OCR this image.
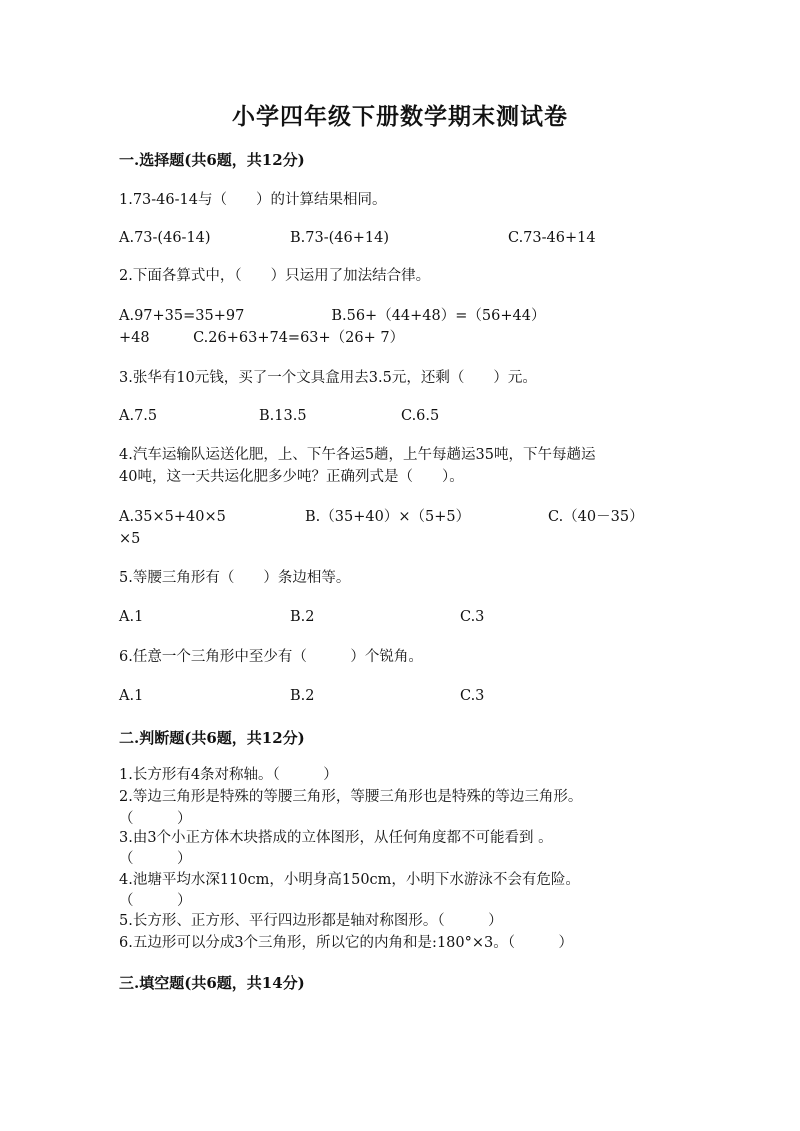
小学四年级下册数学期末测试卷
一.选择题(共6题，共12分)
1.73-46-14与（　　）的计算结果相同。
A.73-(46-14)	B.73-(46+14)	C.73-46+14
2.下面各算式中，（　　）只运用了加法结合律。
A.97+35=35+97　　　　　　B.56+（44+48）=（56+44）
+48　　　C.26+63+74=63+（26+ 7）
3.张华有10元钱，买了一个文具盒用去3.5元，还剩（　　）元。
A.7.5	B.13.5	C.6.5
4.汽车运输队运送化肥，上、下午各运5趟，上午每趟运35吨，下午每趟运
40吨，这一天共运化肥多少吨？正确列式是（　　）。
A.35×5+40×5	B.（35+40）×（5+5）	C.（40－35）
×5
5.等腰三角形有（　　）条边相等。
A.1	B.2	C.3
6.任意一个三角形中至少有（　　　）个锐角。
A.1	B.2	C.3
二.判断题(共6题，共12分)
1.长方形有4条对称轴。（　　　）
2.等边三角形是特殊的等腰三角形，等腰三角形也是特殊的等边三角形。
（　　　）
3.由3个小正方体木块搭成的立体图形，从任何角度都不可能看到 。
（　　　）
4.池塘平均水深110cm，小明身高150cm，小明下水游泳不会有危险。
（　　　）
5.长方形、正方形、平行四边形都是轴对称图形。（　　　）
6.五边形可以分成3个三角形，所以它的内角和是:180°×3。（　　　）
三.填空题(共6题，共14分)
